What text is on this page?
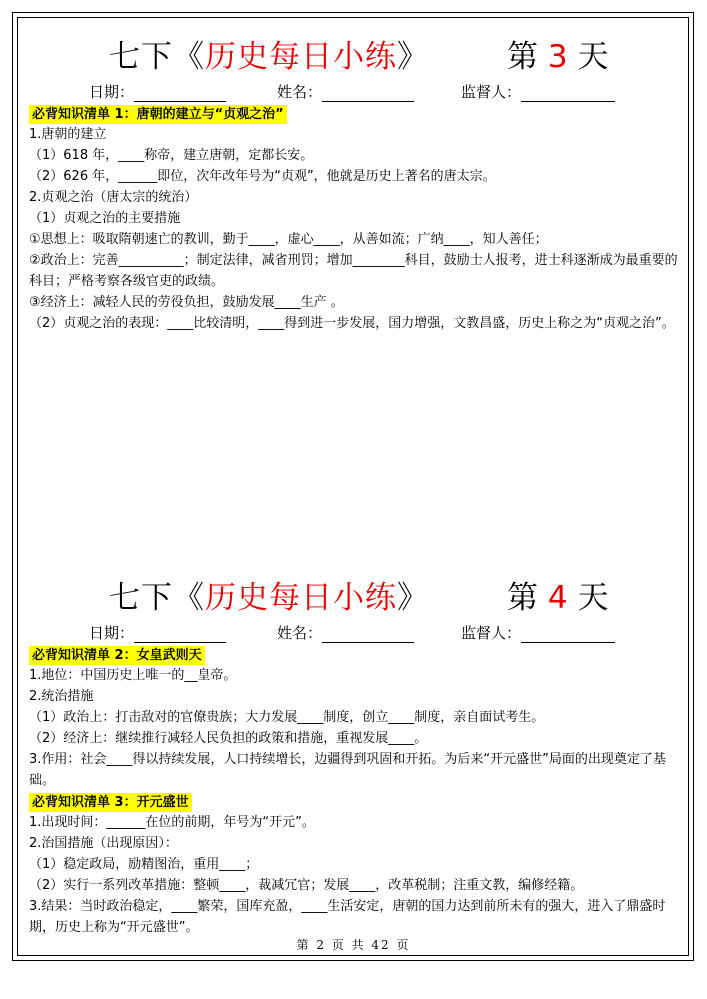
七下《历史每日小练》	第 3 天
日期：	姓名：	监督人：
必背知识清单 1：唐朝的建立与“贞观之治”
1.唐朝的建立
（1）618 年，____称帝，建立唐朝，定都长安。
（2）626 年，______即位，次年改年号为“贞观”，他就是历史上著名的唐太宗。
2.贞观之治（唐太宗的统治）
（1）贞观之治的主要措施
①思想上：吸取隋朝速亡的教训，勤于____，虚心____，从善如流；广纳____，知人善任；
②政治上：完善__________；制定法律，减省刑罚；增加________科目，鼓励士人报考，进士科逐渐成为最重要的科目；严格考察各级官吏的政绩。
③经济上：减轻人民的劳役负担，鼓励发展____生产 。
（2）贞观之治的表现：____比较清明，____得到进一步发展，国力增强，文教昌盛，历史上称之为“贞观之治”。
七下《历史每日小练》	第 4 天
日期：	姓名：	监督人：
必背知识清单 2：女皇武则天
1.地位：中国历史上唯一的__皇帝。
2.统治措施
（1）政治上：打击敌对的官僚贵族；大力发展____制度，创立____制度，亲自面试考生。
（2）经济上：继续推行减轻人民负担的政策和措施，重视发展____。
3.作用：社会____得以持续发展，人口持续增长，边疆得到巩固和开拓。为后来“开元盛世”局面的出现奠定了基础。
必背知识清单 3：开元盛世
1.出现时间：______在位的前期，年号为“开元”。
2.治国措施（出现原因）：
（1）稳定政局，励精图治，重用____；
（2）实行一系列改革措施：整顿____，裁减冗官；发展____，改革税制；注重文教，编修经籍。
3.结果：当时政治稳定，____繁荣，国库充盈，____生活安定，唐朝的国力达到前所未有的强大，进入了鼎盛时期，历史上称为“开元盛世”。
第 2 页 共 42 页
